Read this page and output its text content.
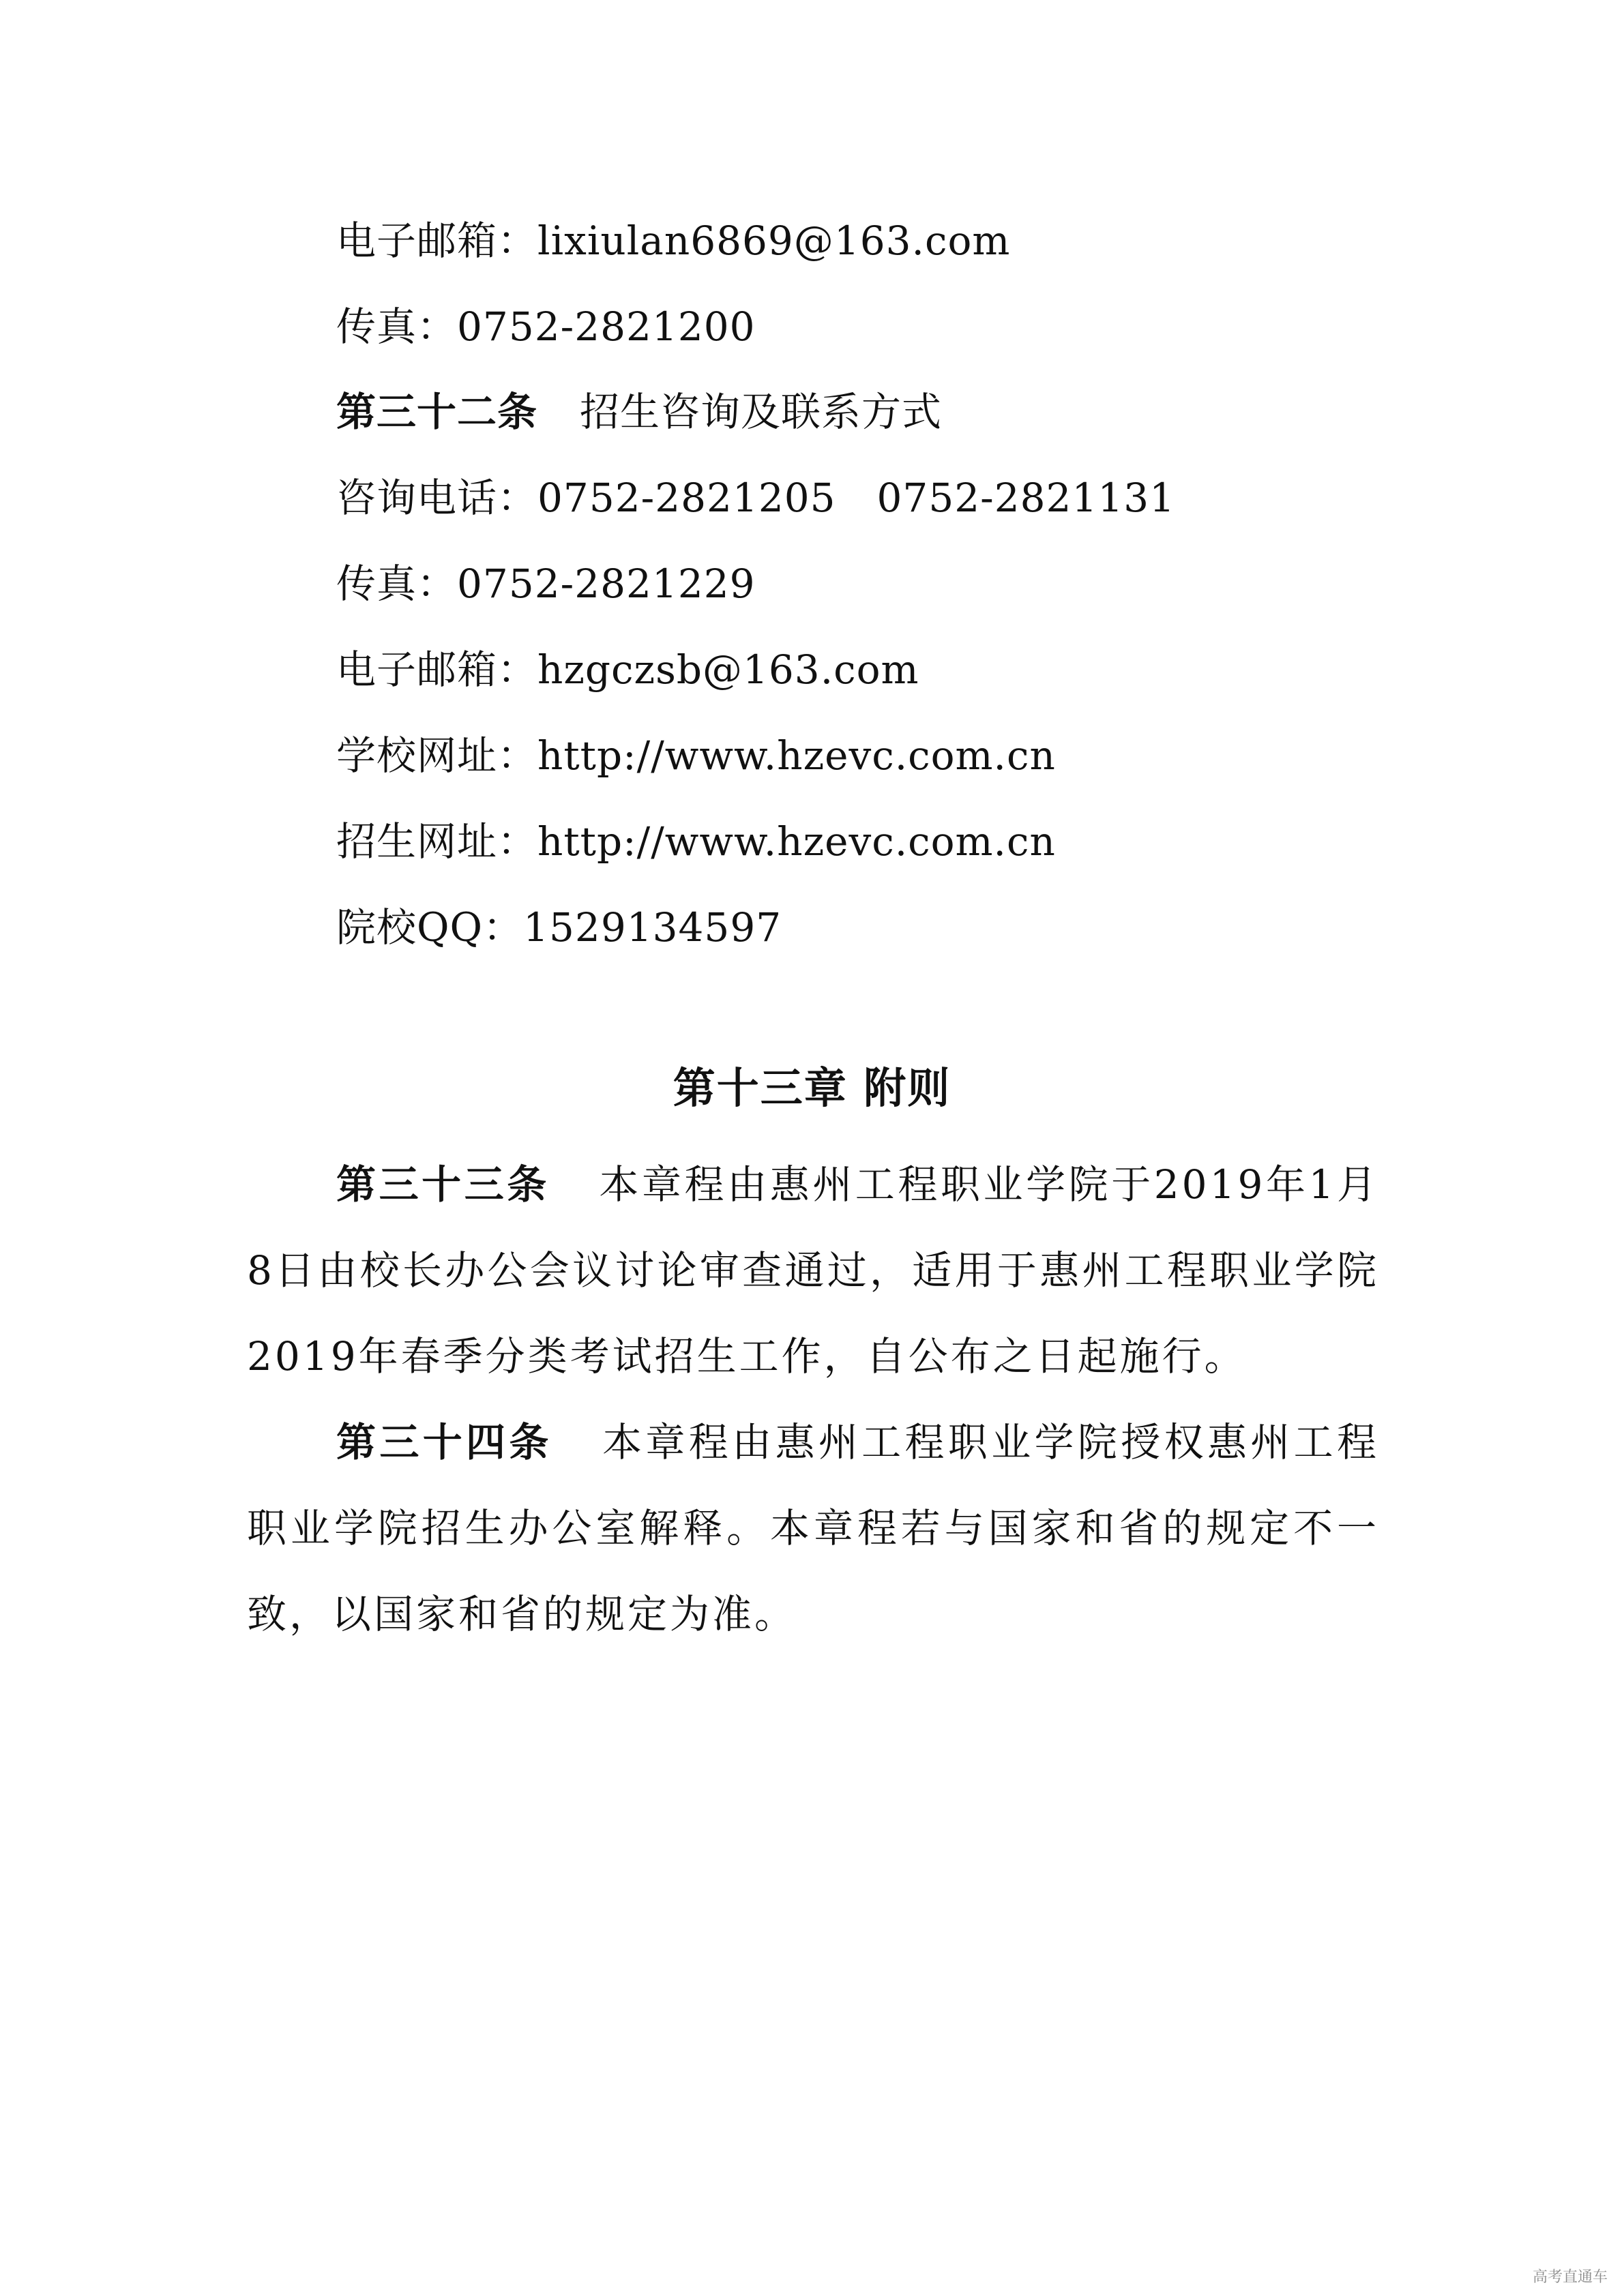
电子邮箱：lixiulan6869@163.com
传真：0752-2821200
第三十二条 招生咨询及联系方式
咨询电话：0752-2821205 0752-2821131
传真：0752-2821229
电子邮箱：hzgczsb@163.com
学校网址：http://www.hzevc.com.cn
招生网址：http://www.hzevc.com.cn
院校QQ：1529134597
第十三章 附则
第三十三条 本章程由惠州工程职业学院于2019年1月8日由校长办公会议讨论审查通过，适用于惠州工程职业学院2019年春季分类考试招生工作，自公布之日起施行。
第三十四条 本章程由惠州工程职业学院授权惠州工程职业学院招生办公室解释。本章程若与国家和省的规定不一致，以国家和省的规定为准。
高考直通车
